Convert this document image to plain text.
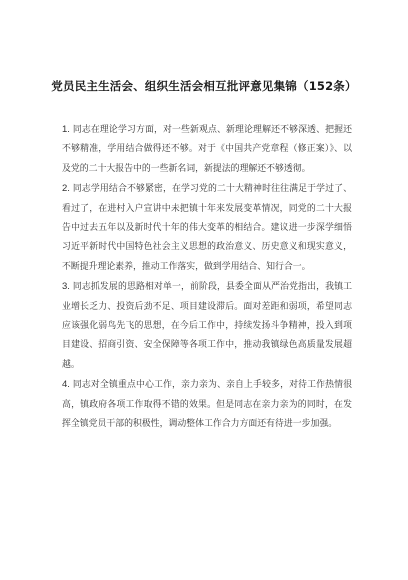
党员民主生活会、组织生活会相互批评意见集锦（152条）

1. 同志在理论学习方面，对一些新观点、新理论理解还不够深透、把握还不够精准，学用结合做得还不够。对于《中国共产党章程（修正案）》、以及党的二十大报告中的一些新名词，新提法的理解还不够透彻。

2. 同志学用结合不够紧密，在学习党的二十大精神时往往满足于学过了、看过了，在进村入户宣讲中未把镇十年来发展变革情况，同党的二十大报告中过去五年以及新时代十年的伟大变革的相结合。建议进一步深学细悟习近平新时代中国特色社会主义思想的政治意义、历史意义和现实意义，不断提升理论素养，推动工作落实，做到学用结合、知行合一。

3. 同志抓发展的思路相对单一，前阶段，县委全面从严治党指出，我镇工业增长乏力、投资后劲不足、项目建设滞后。面对差距和弱项，希望同志应该强化弱鸟先飞的思想，在今后工作中，持续发扬斗争精神，投入到项目建设、招商引资、安全保障等各项工作中，推动我镇绿色高质量发展超越。

4. 同志对全镇重点中心工作，亲力亲为、亲自上手较多，对待工作热情很高，镇政府各项工作取得不错的效果。但是同志在亲力亲为的同时，在发挥全镇党员干部的积极性，调动整体工作合力方面还有待进一步加强。
